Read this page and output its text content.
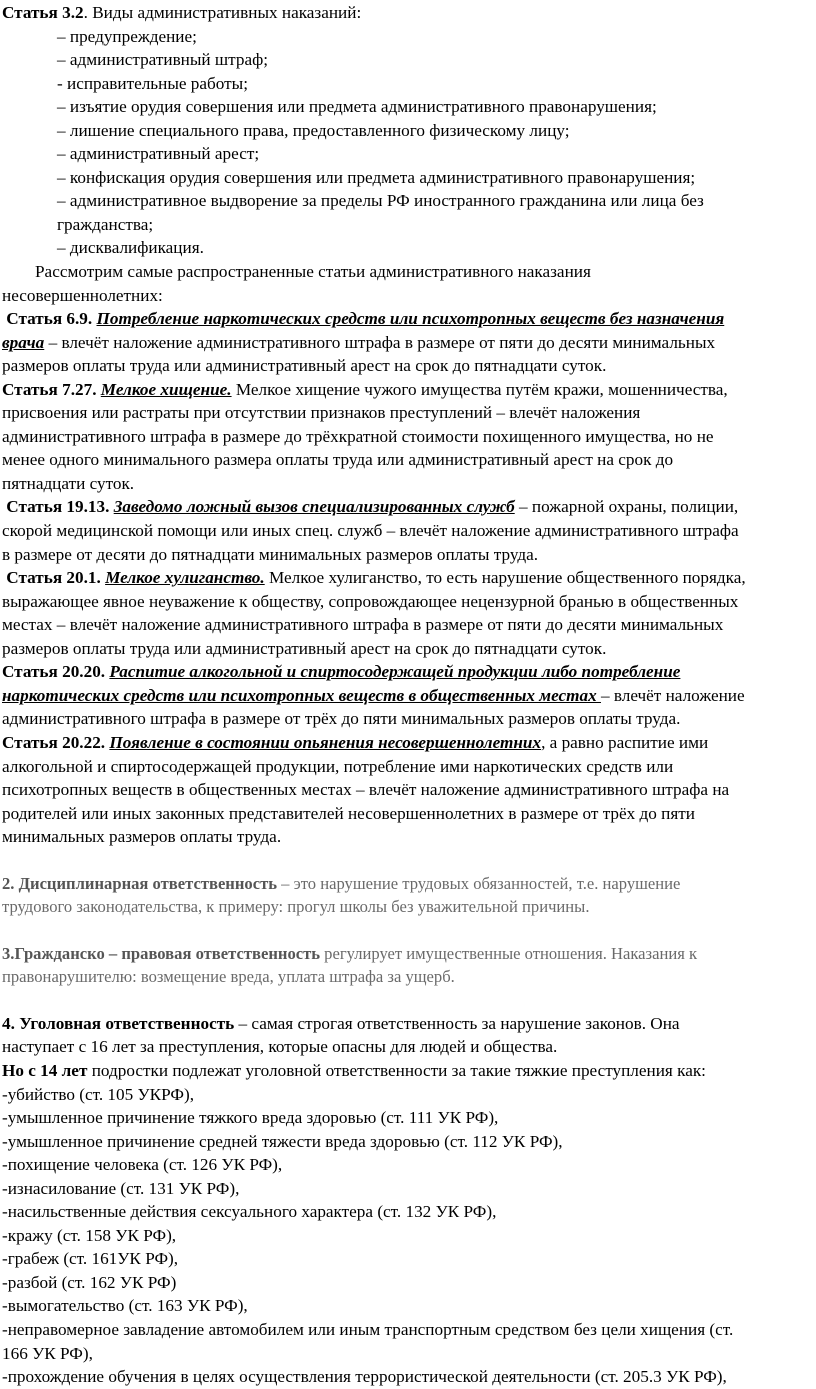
Статья 3.2. Виды административных наказаний:

– предупреждение;

– административный штраф;

- исправительные работы;

– изъятие орудия совершения или предмета административного правонарушения;

– лишение специального права, предоставленного физическому лицу;

– административный арест;

– конфискация орудия совершения или предмета административного правонарушения;

– административное выдворение за пределы РФ иностранного гражданина или лица без

гражданства;

– дисквалификация.

Рассмотрим самые распространенные статьи административного наказания

несовершеннолетних:

Статья 6.9. Потребление наркотических средств или психотропных веществ без назначения

врача – влечёт наложение административного штрафа в размере от пяти до десяти минимальных

размеров оплаты труда или административный арест на срок до пятнадцати суток.

Статья 7.27. Мелкое хищение. Мелкое хищение чужого имущества путём кражи, мошенничества,

присвоения или растраты при отсутствии признаков преступлений – влечёт наложения

административного штрафа в размере до трёхкратной стоимости похищенного имущества, но не

менее одного минимального размера оплаты труда или административный арест на срок до

пятнадцати суток.

Статья 19.13. Заведомо ложный вызов специализированных служб – пожарной охраны, полиции,

скорой медицинской помощи или иных спец. служб – влечёт наложение административного штрафа

в размере от десяти до пятнадцати минимальных размеров оплаты труда.

Статья 20.1. Мелкое хулиганство. Мелкое хулиганство, то есть нарушение общественного порядка,

выражающее явное неуважение к обществу, сопровождающее нецензурной бранью в общественных

местах – влечёт наложение административного штрафа в размере от пяти до десяти минимальных

размеров оплаты труда или административный арест на срок до пятнадцати суток.

Статья 20.20. Распитие алкогольной и спиртосодержащей продукции либо потребление

наркотических средств или психотропных веществ в общественных местах – влечёт наложение

административного штрафа в размере от трёх до пяти минимальных размеров оплаты труда.

Статья 20.22. Появление в состоянии опьянения несовершеннолетних, а равно распитие ими

алкогольной и спиртосодержащей продукции, потребление ими наркотических средств или

психотропных веществ в общественных местах – влечёт наложение административного штрафа на

родителей или иных законных представителей несовершеннолетних в размере от трёх до пяти

минимальных размеров оплаты труда.

2. Дисциплинарная ответственность – это нарушение трудовых обязанностей, т.е. нарушение

трудового законодательства, к примеру: прогул школы без уважительной причины.

3.Гражданско – правовая ответственность регулирует имущественные отношения. Наказания к

правонарушителю: возмещение вреда, уплата штрафа за ущерб.

4. Уголовная ответственность – самая строгая ответственность за нарушение законов. Она

наступает с 16 лет за преступления, которые опасны для людей и общества.

Но с 14 лет подростки подлежат уголовной ответственности за такие тяжкие преступления как:

-убийство (ст. 105 УКРФ),

-умышленное причинение тяжкого вреда здоровью (ст. 111 УК РФ),

-умышленное причинение средней тяжести вреда здоровью (ст. 112 УК РФ),

-похищение человека (ст. 126 УК РФ),

-изнасилование (ст. 131 УК РФ),

-насильственные действия сексуального характера (ст. 132 УК РФ),

-кражу (ст. 158 УК РФ),

-грабеж (ст. 161УК РФ),

-разбой (ст. 162 УК РФ)

-вымогательство (ст. 163 УК РФ),

-неправомерное завладение автомобилем или иным транспортным средством без цели хищения (ст.

166 УК РФ),

-прохождение обучения в целях осуществления террористической деятельности (ст. 205.3 УК РФ),
